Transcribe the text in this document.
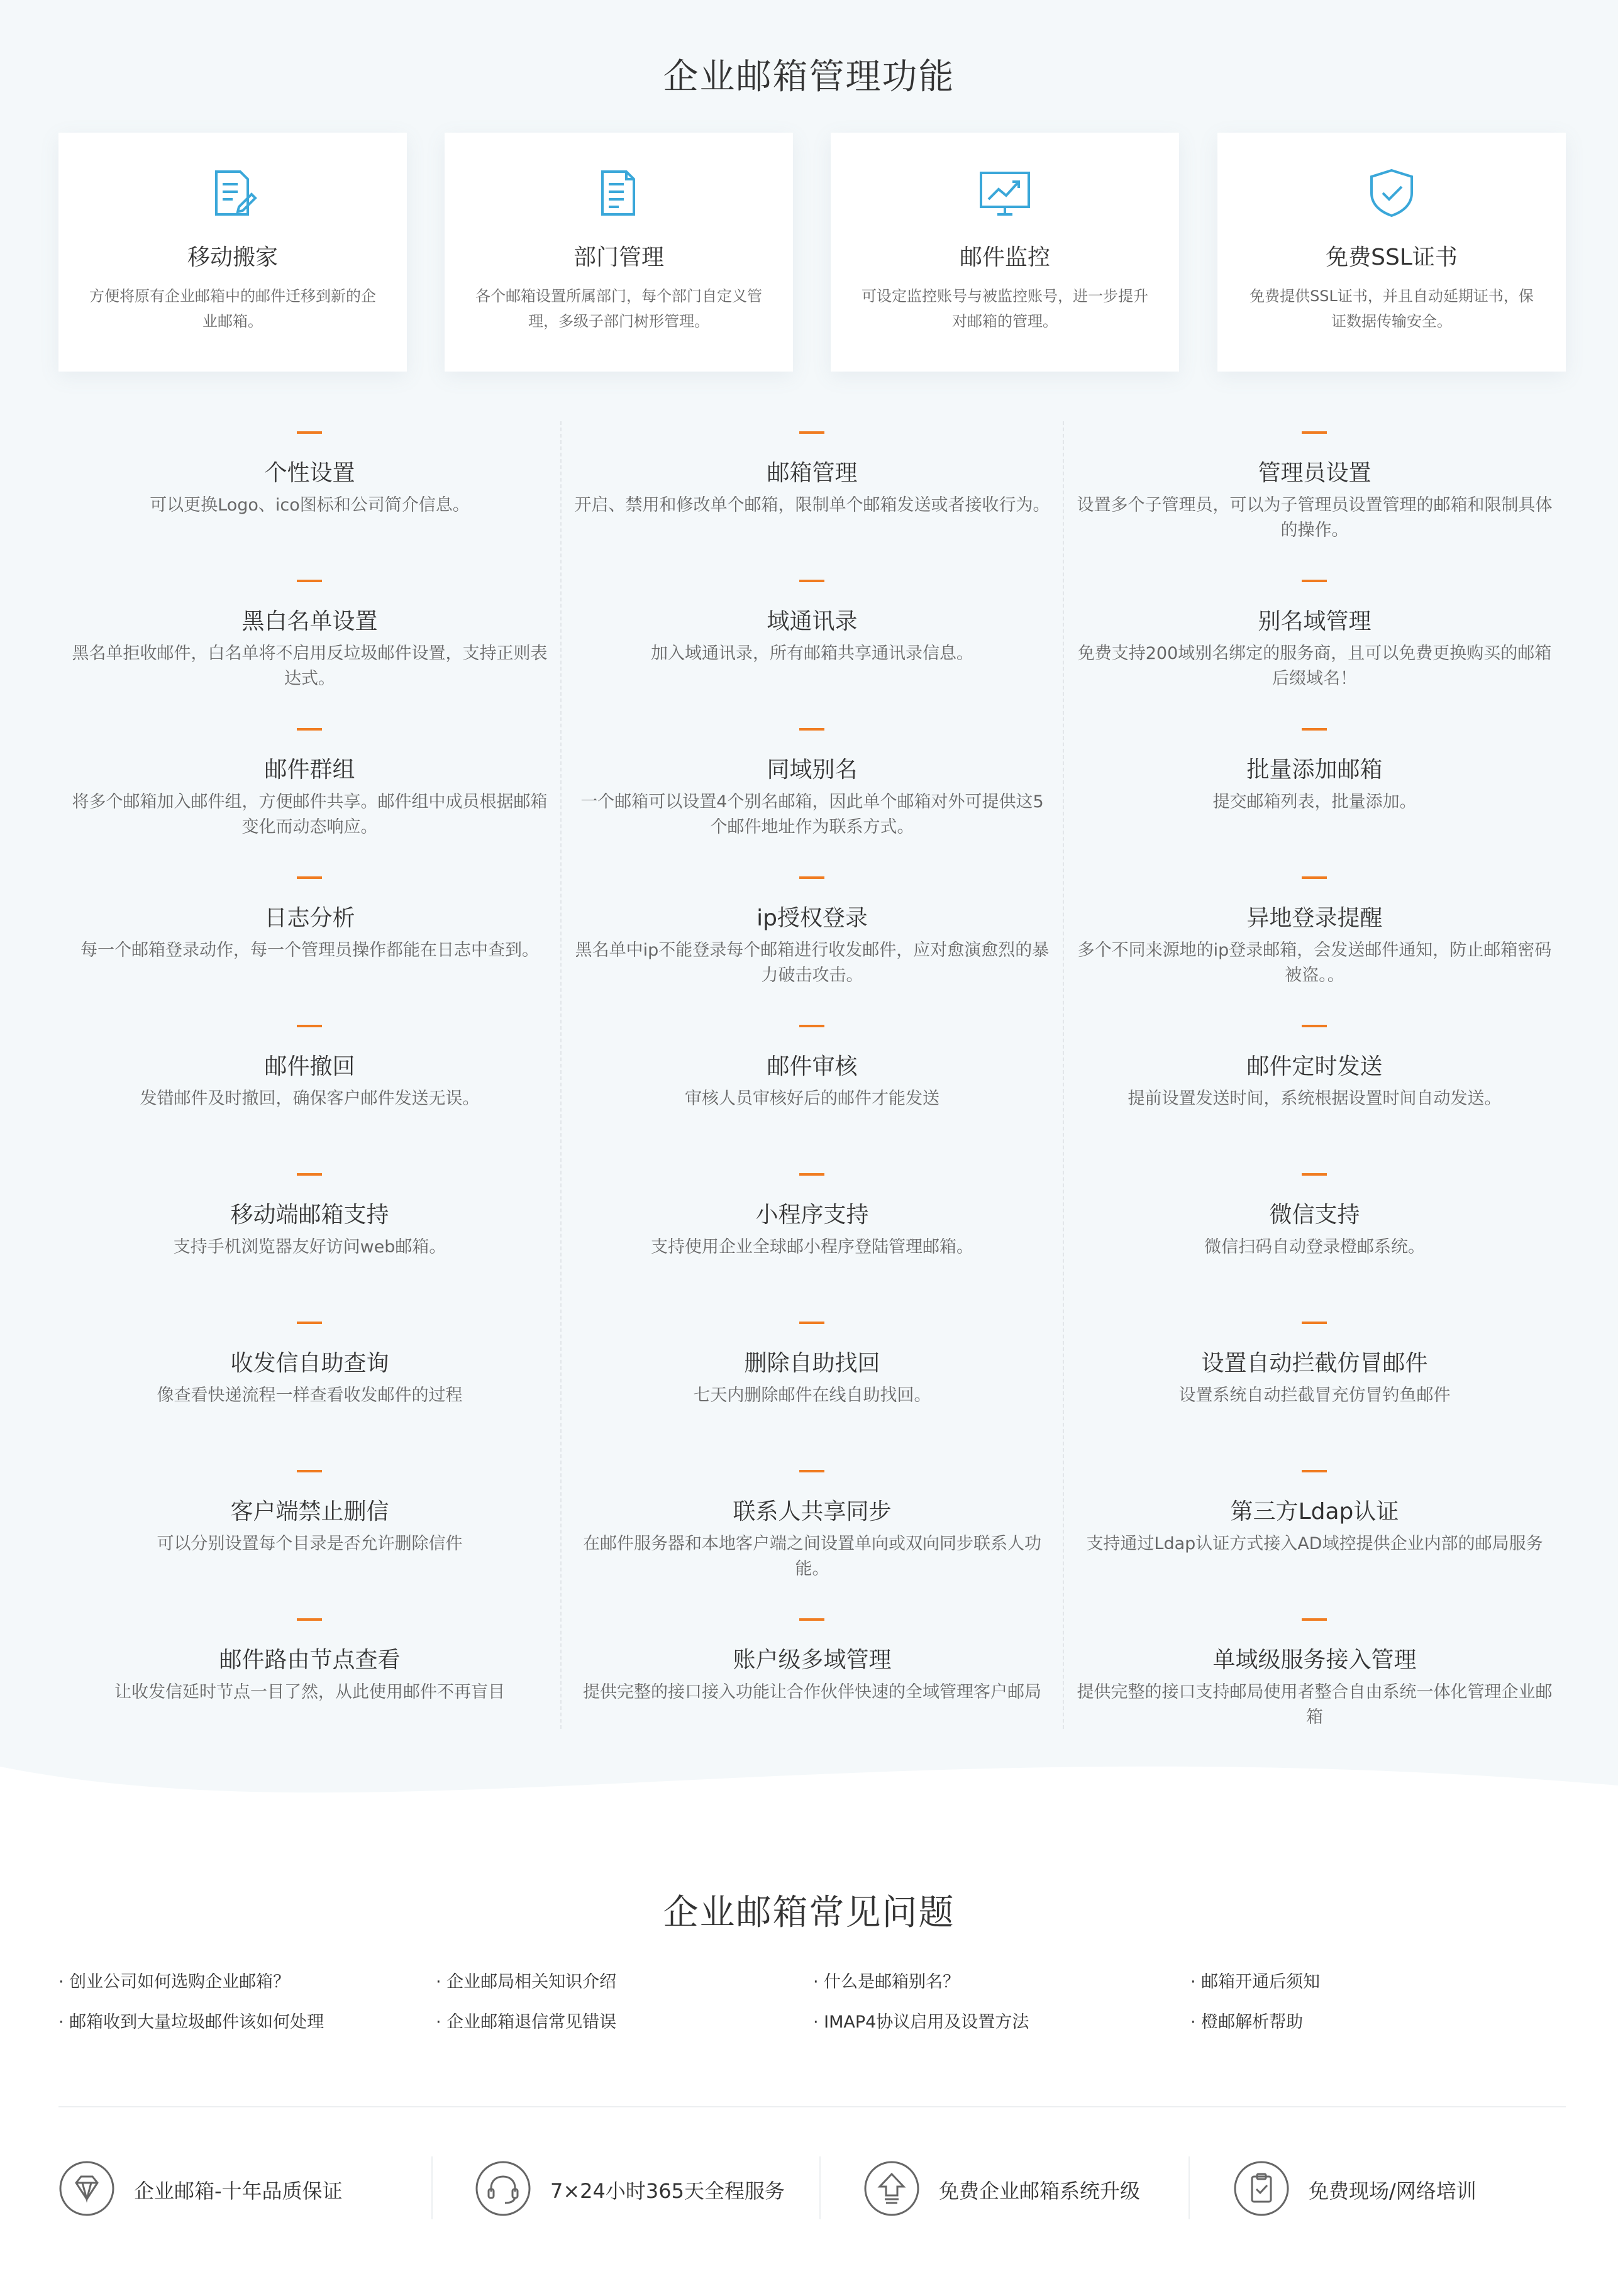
企业邮箱管理功能
移动搬家
方便将原有企业邮箱中的邮件迁移到新的企业邮箱。
部门管理
各个邮箱设置所属部门，每个部门自定义管理，多级子部门树形管理。
邮件监控
可设定监控账号与被监控账号，进一步提升对邮箱的管理。
免费SSL证书
免费提供SSL证书，并且自动延期证书，保证数据传输安全。
个性设置
可以更换Logo、ico图标和公司简介信息。
邮箱管理
开启、禁用和修改单个邮箱，限制单个邮箱发送或者接收行为。
管理员设置
设置多个子管理员，可以为子管理员设置管理的邮箱和限制具体的操作。
黑白名单设置
黑名单拒收邮件，白名单将不启用反垃圾邮件设置，支持正则表达式。
域通讯录
加入域通讯录，所有邮箱共享通讯录信息。
别名域管理
免费支持200域别名绑定的服务商，且可以免费更换购买的邮箱后缀域名！
邮件群组
将多个邮箱加入邮件组，方便邮件共享。邮件组中成员根据邮箱变化而动态响应。
同域别名
一个邮箱可以设置4个别名邮箱，因此单个邮箱对外可提供这5个邮件地址作为联系方式。
批量添加邮箱
提交邮箱列表，批量添加。
日志分析
每一个邮箱登录动作，每一个管理员操作都能在日志中查到。
ip授权登录
黑名单中ip不能登录每个邮箱进行收发邮件，应对愈演愈烈的暴力破击攻击。
异地登录提醒
多个不同来源地的ip登录邮箱，会发送邮件通知，防止邮箱密码被盗。。
邮件撤回
发错邮件及时撤回，确保客户邮件发送无误。
邮件审核
审核人员审核好后的邮件才能发送
邮件定时发送
提前设置发送时间，系统根据设置时间自动发送。
移动端邮箱支持
支持手机浏览器友好访问web邮箱。
小程序支持
支持使用企业全球邮小程序登陆管理邮箱。
微信支持
微信扫码自动登录橙邮系统。
收发信自助查询
像查看快递流程一样查看收发邮件的过程
删除自助找回
七天内删除邮件在线自助找回。
设置自动拦截仿冒邮件
设置系统自动拦截冒充仿冒钓鱼邮件
客户端禁止删信
可以分别设置每个目录是否允许删除信件
联系人共享同步
在邮件服务器和本地客户端之间设置单向或双向同步联系人功能。
第三方Ldap认证
支持通过Ldap认证方式接入AD域控提供企业内部的邮局服务
邮件路由节点查看
让收发信延时节点一目了然，从此使用邮件不再盲目
账户级多域管理
提供完整的接口接入功能让合作伙伴快速的全域管理客户邮局
单域级服务接入管理
提供完整的接口支持邮局使用者整合自由系统一体化管理企业邮箱
企业邮箱常见问题
· 创业公司如何选购企业邮箱？	· 企业邮局相关知识介绍	· 什么是邮箱别名？	· 邮箱开通后须知
· 邮箱收到大量垃圾邮件该如何处理	· 企业邮箱退信常见错误	· IMAP4协议启用及设置方法	· 橙邮解析帮助
企业邮箱-十年品质保证	7×24小时365天全程服务	免费企业邮箱系统升级	免费现场/网络培训
